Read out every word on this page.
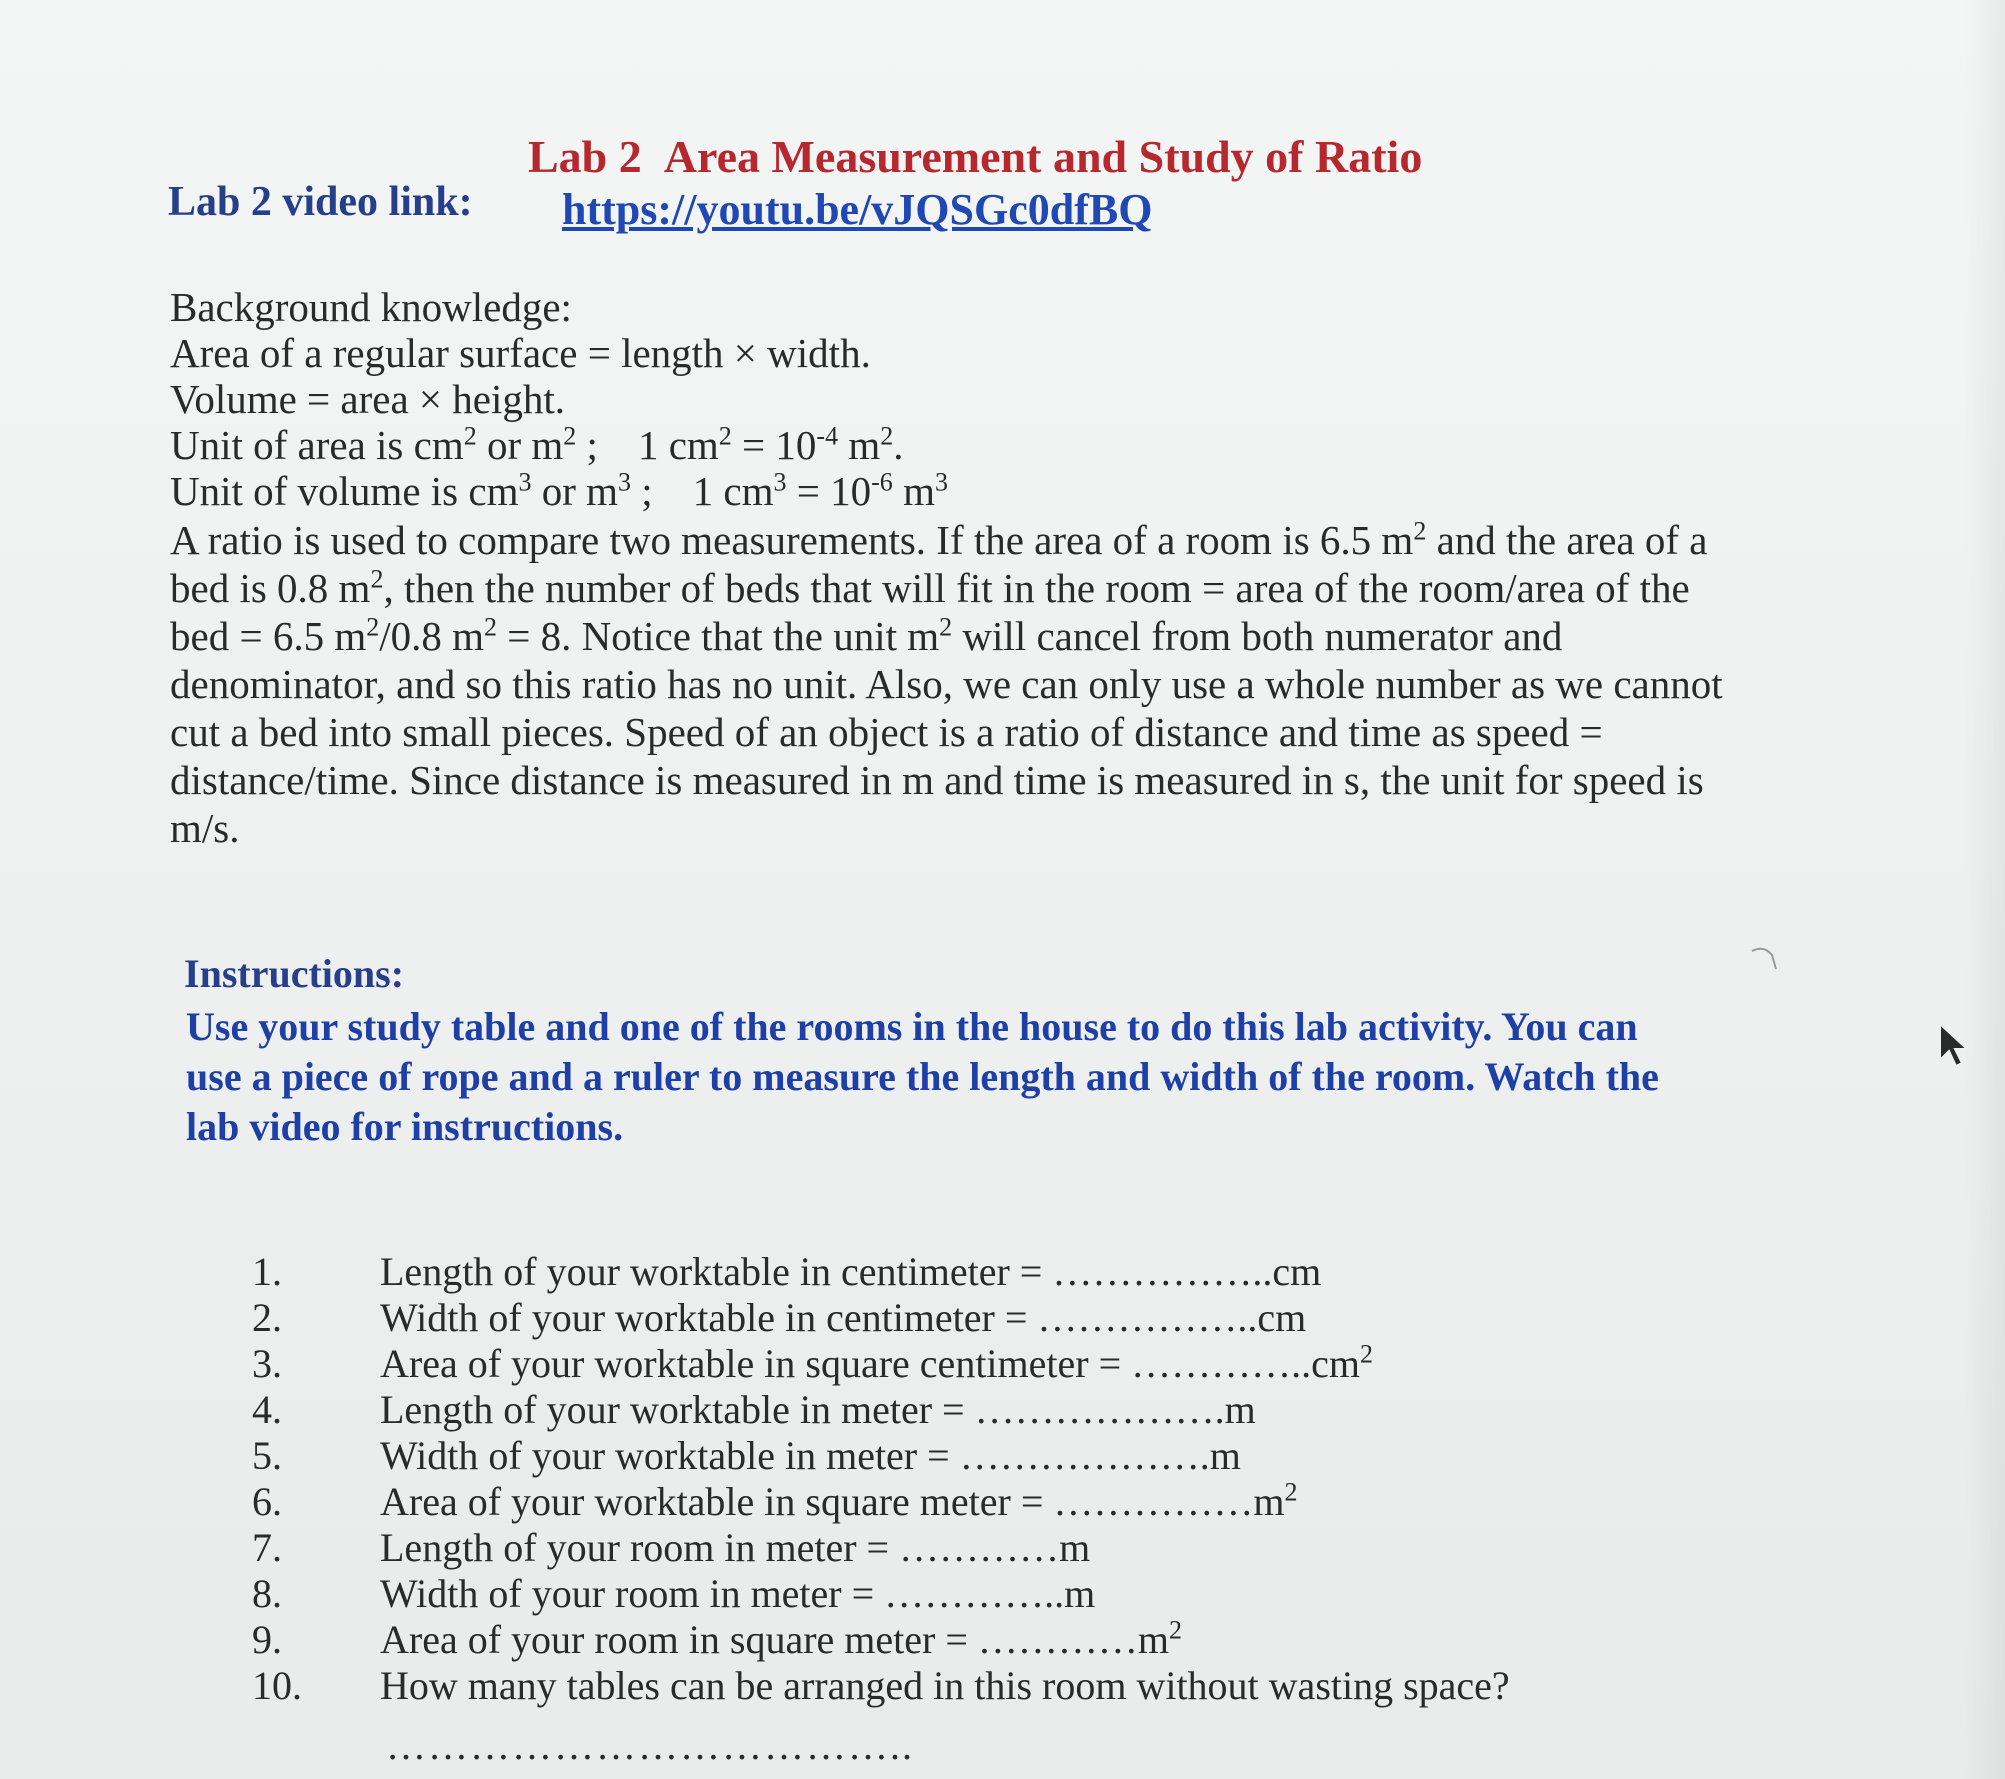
Lab 2 Area Measurement and Study of Ratio
Lab 2 video link: https://youtu.be/vJQSGc0dfBQ
Background knowledge:
Area of a regular surface = length × width.
Volume = area × height.
Unit of area is $cm^2$ or $m^2$ ; 1 $cm^2 = 10^{-4}$ $m^2$.
Unit of volume is $cm^3$ or $m^3$ ; 1 $cm^3 = 10^{-6}$ $m^3$
A ratio is used to compare two measurements. If the area of a room is 6.5 $m^2$ and the area of a bed is 0.8 $m^2$, then the number of beds that will fit in the room = area of the room/area of the bed = 6.5 $m^2/0.8$ $m^2 = 8$. Notice that the unit $m^2$ will cancel from both numerator and denominator, and so this ratio has no unit. Also, we can only use a whole number as we cannot cut a bed into small pieces. Speed of an object is a ratio of distance and time as speed = distance/time. Since distance is measured in m and time is measured in s, the unit for speed is m/s.
Instructions:
Use your study table and one of the rooms in the house to do this lab activity. You can use a piece of rope and a ruler to measure the length and width of the room. Watch the lab video for instructions.
1. Length of your worktable in centimeter = ……………..cm
2. Width of your worktable in centimeter = ……………..cm
3. Area of your worktable in square centimeter = $\dots\dots\dots\dots..cm^2$
4. Length of your worktable in meter = ……………….m
5. Width of your worktable in meter = ……………….m
6. Area of your worktable in square meter = $\dots\dots\dots\dots\dots m^2$
7. Length of your room in meter = …………m
8. Width of your room in meter = …………..m
9. Area of your room in square meter = $\dots\dots\dots\dots m^2$
10. How many tables can be arranged in this room without wasting space?
………………………………..
